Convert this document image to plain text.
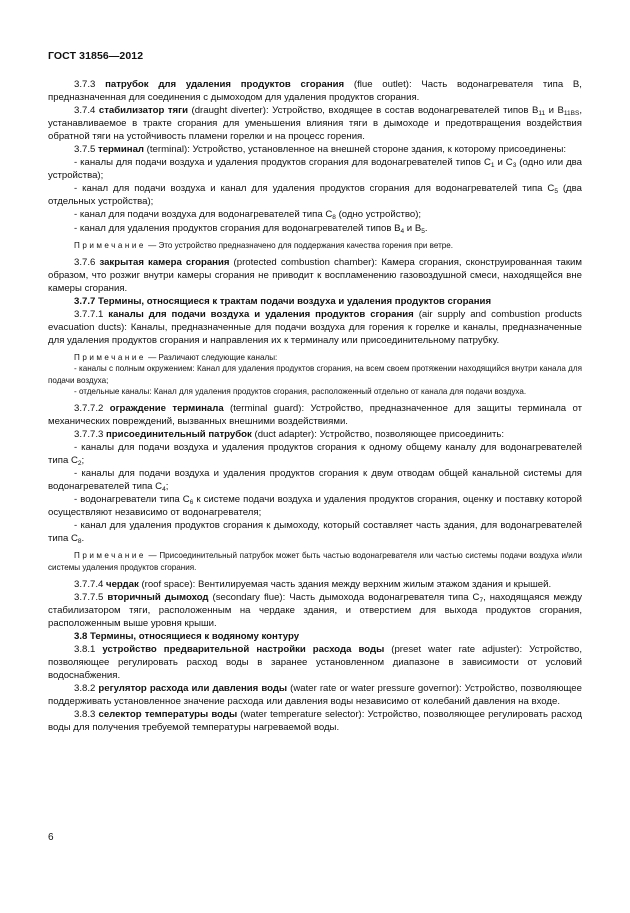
ГОСТ 31856—2012

3.7.3 патрубок для удаления продуктов сгорания (flue outlet): Часть водонагревателя типа B, предназначенная для соединения с дымоходом для удаления продуктов сгорания.

3.7.4 стабилизатор тяги (draught diverter): Устройство, входящее в состав водонагревателей типов $B_{11}$ и $B_{11BS}$, устанавливаемое в тракте сгорания для уменьшения влияния тяги в дымоходе и предотвращения воздействия обратной тяги на устойчивость пламени горелки и на процесс горения.

3.7.5 терминал (terminal): Устройство, установленное на внешней стороне здания, к которому присоединены:

- каналы для подачи воздуха и удаления продуктов сгорания для водонагревателей типов $C_1$ и $C_3$ (одно или два устройства);

- канал для подачи воздуха и канал для удаления продуктов сгорания для водонагревателей типа $C_5$ (два отдельных устройства);

- канал для подачи воздуха для водонагревателей типа $C_8$ (одно устройство);

- канал для удаления продуктов сгорания для водонагревателей типов $B_4$ и $B_5$.

Примечание — Это устройство предназначено для поддержания качества горения при ветре.

3.7.6 закрытая камера сгорания (protected combustion chamber): Камера сгорания, сконструированная таким образом, что розжиг внутри камеры сгорания не приводит к воспламенению газовоздушной смеси, находящейся вне камеры сгорания.

3.7.7 Термины, относящиеся к трактам подачи воздуха и удаления продуктов сгорания

3.7.7.1 каналы для подачи воздуха и удаления продуктов сгорания (air supply and combustion products evacuation ducts): Каналы, предназначенные для подачи воздуха для горения к горелке и каналы, предназначенные для удаления продуктов сгорания и направления их к терминалу или присоединительному патрубку.

Примечание — Различают следующие каналы:

- каналы с полным окружением: Канал для удаления продуктов сгорания, на всем своем протяжении находящийся внутри канала для подачи воздуха;

- отдельные каналы: Канал для удаления продуктов сгорания, расположенный отдельно от канала для подачи воздуха.

3.7.7.2 ограждение терминала (terminal guard): Устройство, предназначенное для защиты терминала от механических повреждений, вызванных внешними воздействиями.

3.7.7.3 присоединительный патрубок (duct adapter): Устройство, позволяющее присоединить:

- каналы для подачи воздуха и удаления продуктов сгорания к одному общему каналу для водонагревателей типа $C_2$;

- каналы для подачи воздуха и удаления продуктов сгорания к двум отводам общей канальной системы для водонагревателей типа $C_4$;

- водонагреватели типа $C_6$ к системе подачи воздуха и удаления продуктов сгорания, оценку и поставку которой осуществляют независимо от водонагревателя;

- канал для удаления продуктов сгорания к дымоходу, который составляет часть здания, для водонагревателей типа $C_8$.

Примечание — Присоединительный патрубок может быть частью водонагревателя или частью системы подачи воздуха и/или системы удаления продуктов сгорания.

3.7.7.4 чердак (roof space): Вентилируемая часть здания между верхним жилым этажом здания и крышей.

3.7.7.5 вторичный дымоход (secondary flue): Часть дымохода водонагревателя типа $C_7$, находящаяся между стабилизатором тяги, расположенным на чердаке здания, и отверстием для выхода продуктов сгорания, расположенным выше уровня крыши.

3.8 Термины, относящиеся к водяному контуру

3.8.1 устройство предварительной настройки расхода воды (preset water rate adjuster): Устройство, позволяющее регулировать расход воды в заранее установленном диапазоне в зависимости от условий водоснабжения.

3.8.2 регулятор расхода или давления воды (water rate or water pressure governor): Устройство, позволяющее поддерживать установленное значение расхода или давления воды независимо от колебаний давления на входе.

3.8.3 селектор температуры воды (water temperature selector): Устройство, позволяющее регулировать расход воды для получения требуемой температуры нагреваемой воды.

6
